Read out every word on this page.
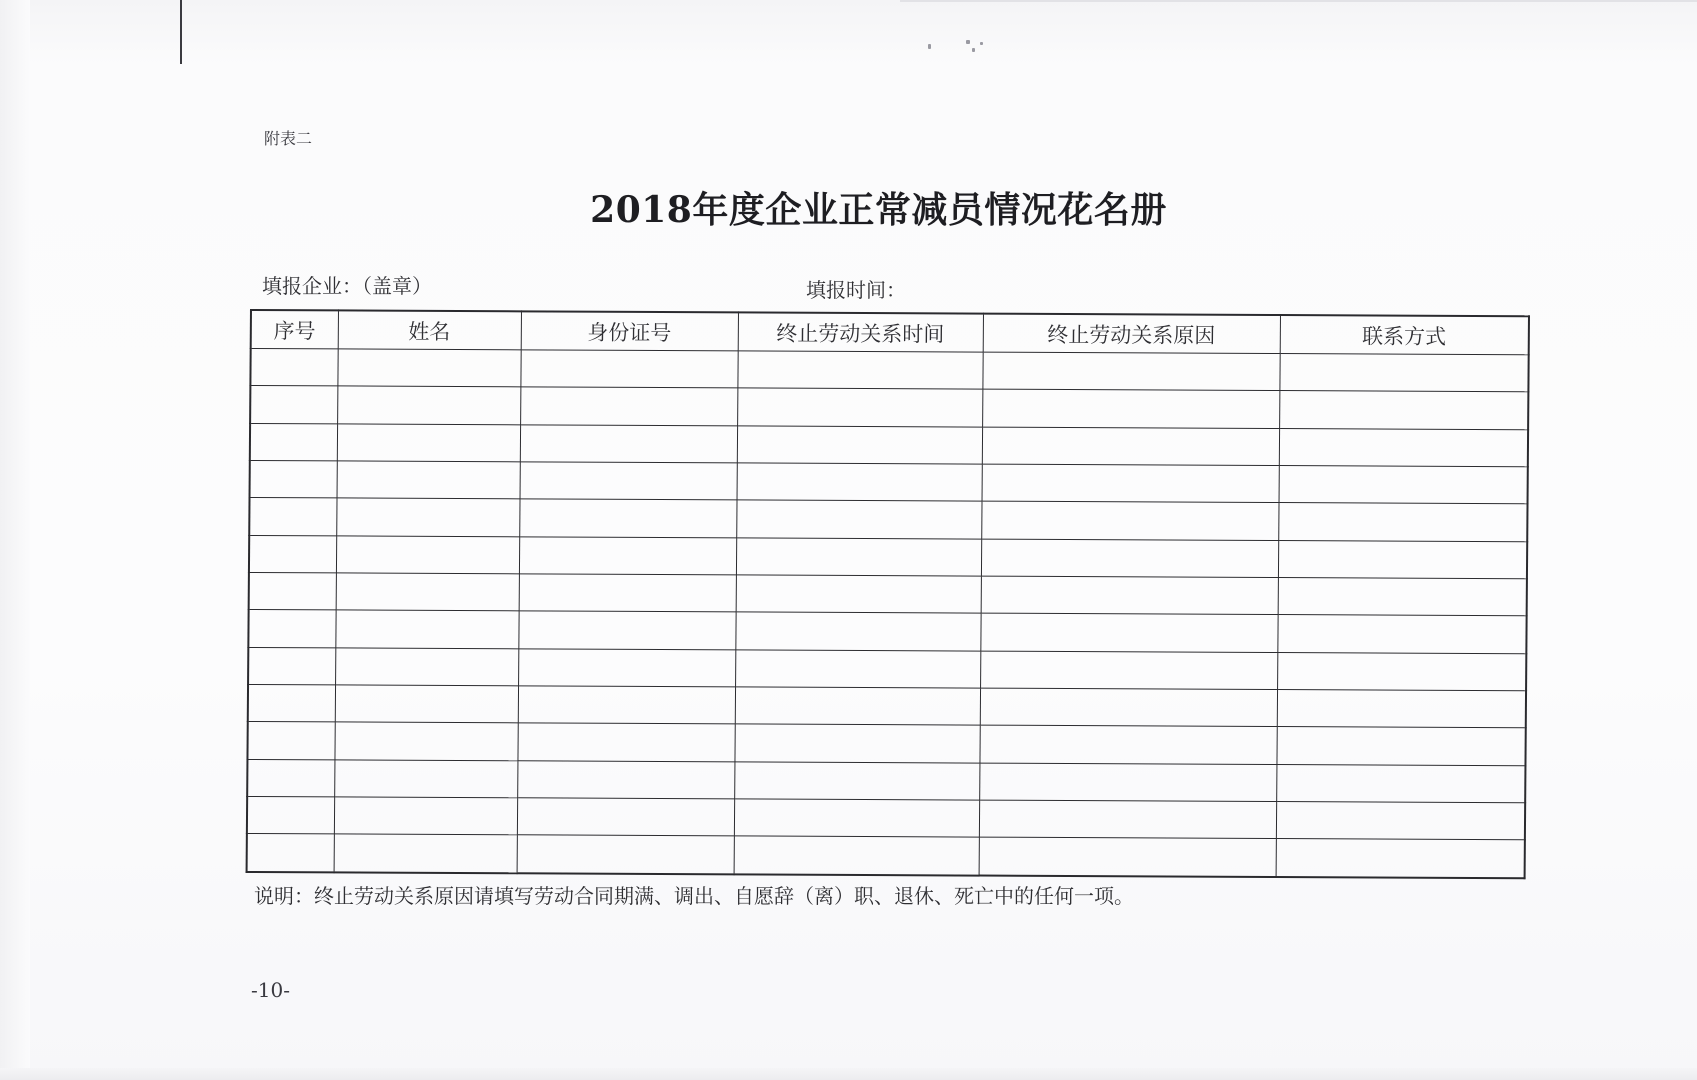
附表二
2018年度企业正常减员情况花名册
填报企业：（盖章）	填报时间：
序号	姓名	身份证号	终止劳动关系时间	终止劳动关系原因	联系方式

说明：终止劳动关系原因请填写劳动合同期满、调出、自愿辞（离）职、退休、死亡中的任何一项。
-10-
